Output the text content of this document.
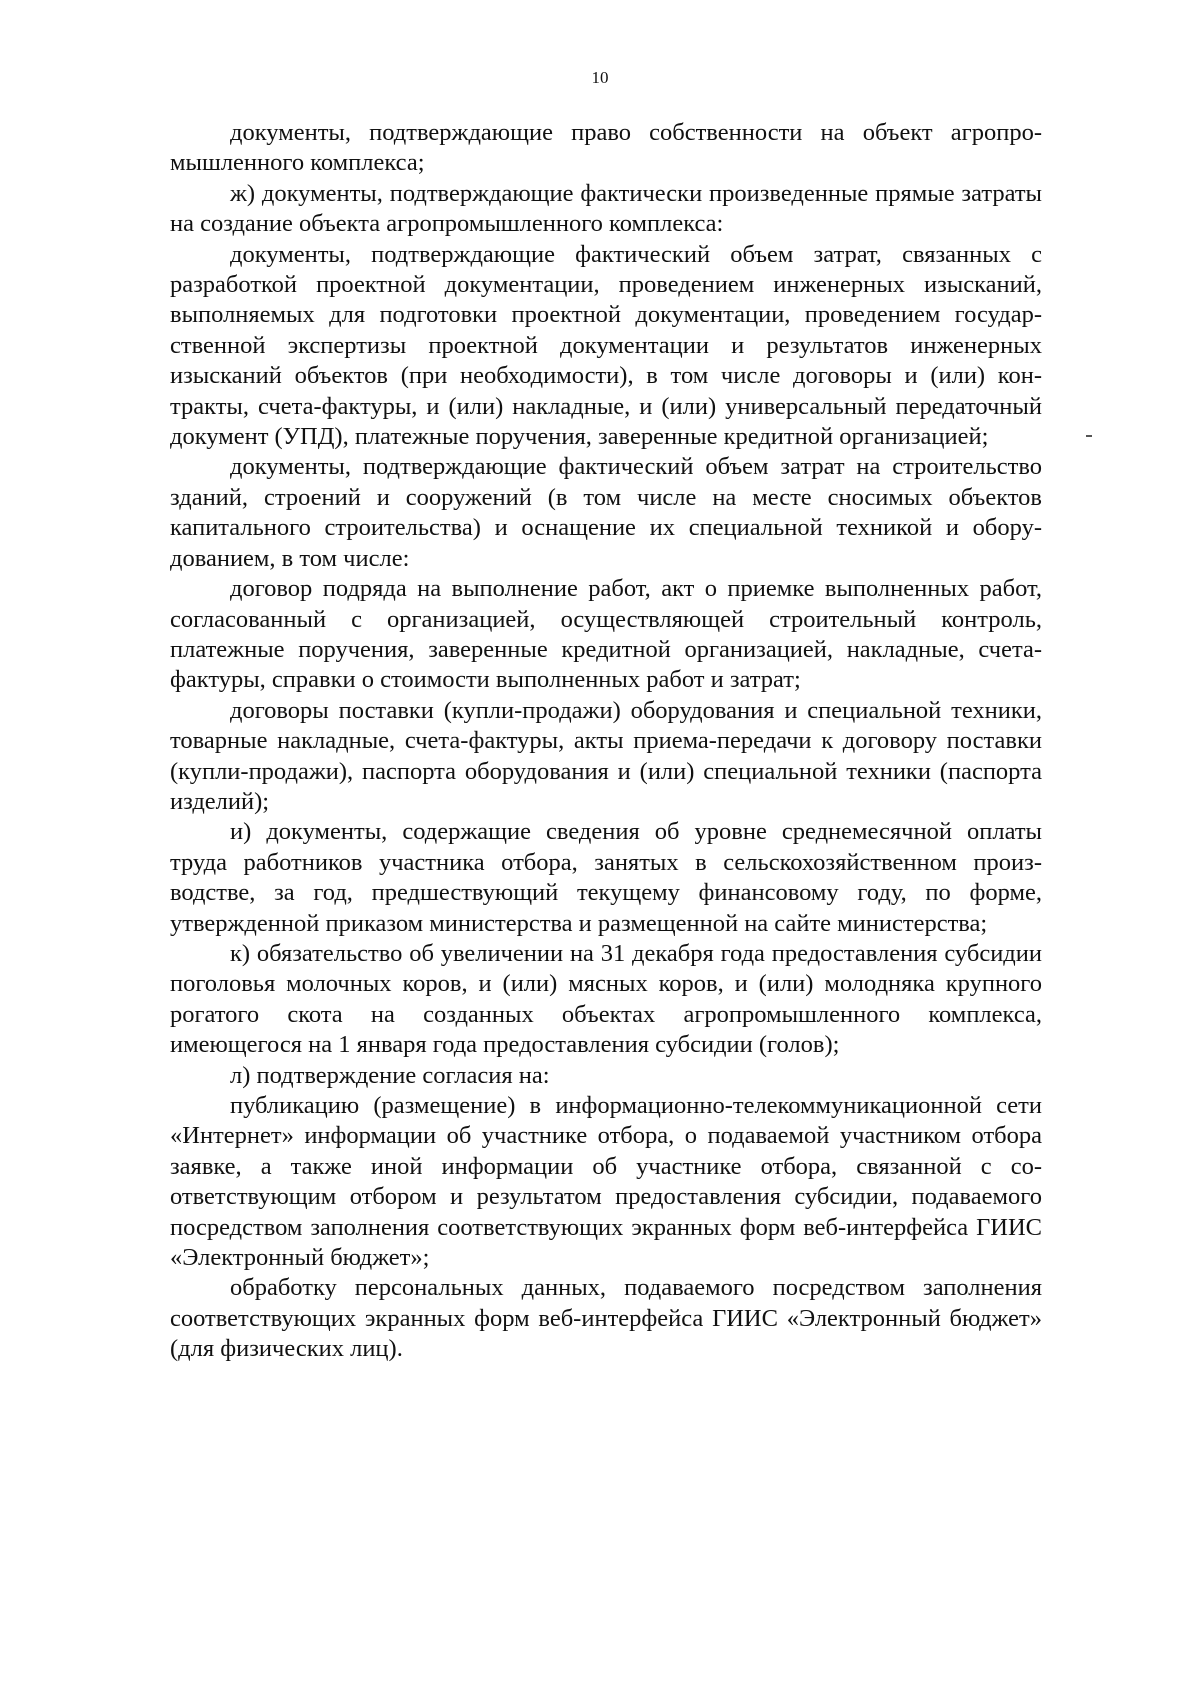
10

документы, подтверждающие право собственности на объект агропромышленного комплекса;

ж) документы, подтверждающие фактически произведенные прямые затраты на создание объекта агропромышленного комплекса:

документы, подтверждающие фактический объем затрат, связанных с разработкой проектной документации, проведением инженерных изысканий, выполняемых для подготовки проектной документации, проведением государственной экспертизы проектной документации и результатов инженерных изысканий объектов (при необходимости), в том числе договоры и (или) контракты, счета-фактуры, и (или) накладные, и (или) универсальный передаточный документ (УПД), платежные поручения, заверенные кредитной организацией;

документы, подтверждающие фактический объем затрат на строительство зданий, строений и сооружений (в том числе на месте сносимых объектов капитального строительства) и оснащение их специальной техникой и оборудованием, в том числе:

договор подряда на выполнение работ, акт о приемке выполненных работ, согласованный с организацией, осуществляющей строительный контроль, платежные поручения, заверенные кредитной организацией, накладные, счета-фактуры, справки о стоимости выполненных работ и затрат;

договоры поставки (купли-продажи) оборудования и специальной техники, товарные накладные, счета-фактуры, акты приема-передачи к договору поставки (купли-продажи), паспорта оборудования и (или) специальной техники (паспорта изделий);

и) документы, содержащие сведения об уровне среднемесячной оплаты труда работников участника отбора, занятых в сельскохозяйственном производстве, за год, предшествующий текущему финансовому году, по форме, утвержденной приказом министерства и размещенной на сайте министерства;

к) обязательство об увеличении на 31 декабря года предоставления субсидии поголовья молочных коров, и (или) мясных коров, и (или) молодняка крупного рогатого скота на созданных объектах агропромышленного комплекса, имеющегося на 1 января года предоставления субсидии (голов);

л) подтверждение согласия на:

публикацию (размещение) в информационно-телекоммуникационной сети «Интернет» информации об участнике отбора, о подаваемой участником отбора заявке, а также иной информации об участнике отбора, связанной с соответствующим отбором и результатом предоставления субсидии, подаваемого посредством заполнения соответствующих экранных форм веб-интерфейса ГИИС «Электронный бюджет»;

обработку персональных данных, подаваемого посредством заполнения соответствующих экранных форм веб-интерфейса ГИИС «Электронный бюджет» (для физических лиц).
